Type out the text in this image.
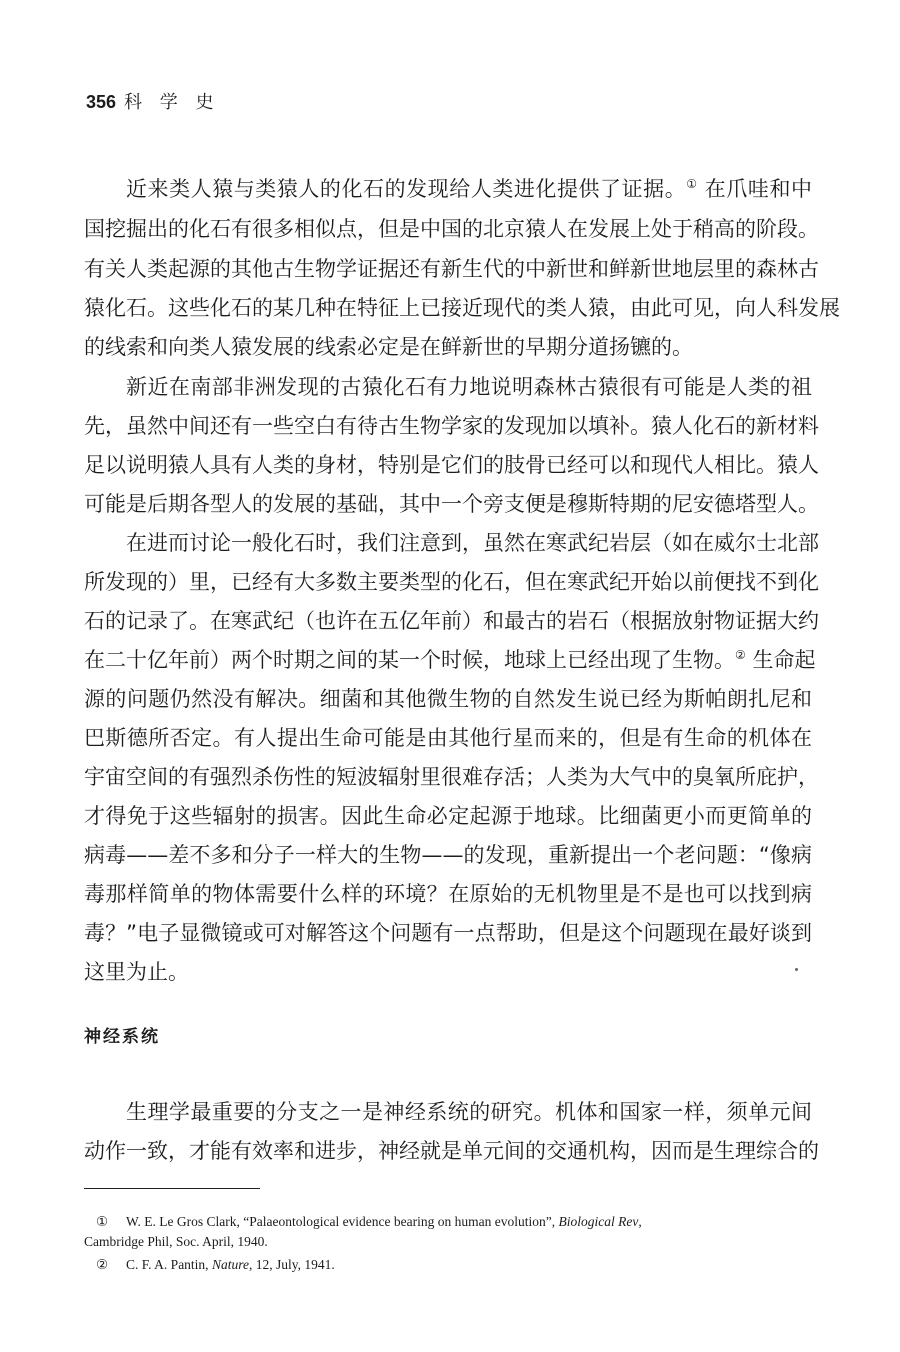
356 科 学 史
近来类人猿与类猿人的化石的发现给人类进化提供了证据。① 在爪哇和中
国挖掘出的化石有很多相似点，但是中国的北京猿人在发展上处于稍高的阶段。
有关人类起源的其他古生物学证据还有新生代的中新世和鲜新世地层里的森林古
猿化石。这些化石的某几种在特征上已接近现代的类人猿，由此可见，向人科发展
的线索和向类人猿发展的线索必定是在鲜新世的早期分道扬镳的。
新近在南部非洲发现的古猿化石有力地说明森林古猿很有可能是人类的祖
先，虽然中间还有一些空白有待古生物学家的发现加以填补。猿人化石的新材料
足以说明猿人具有人类的身材，特别是它们的肢骨已经可以和现代人相比。猿人
可能是后期各型人的发展的基础，其中一个旁支便是穆斯特期的尼安德塔型人。
在进而讨论一般化石时，我们注意到，虽然在寒武纪岩层（如在威尔士北部
所发现的）里，已经有大多数主要类型的化石，但在寒武纪开始以前便找不到化
石的记录了。在寒武纪（也许在五亿年前）和最古的岩石（根据放射物证据大约
在二十亿年前）两个时期之间的某一个时候，地球上已经出现了生物。② 生命起
源的问题仍然没有解决。细菌和其他微生物的自然发生说已经为斯帕朗扎尼和
巴斯德所否定。有人提出生命可能是由其他行星而来的，但是有生命的机体在
宇宙空间的有强烈杀伤性的短波辐射里很难存活；人类为大气中的臭氧所庇护，
才得免于这些辐射的损害。因此生命必定起源于地球。比细菌更小而更简单的
病毒——差不多和分子一样大的生物——的发现，重新提出一个老问题：“像病
毒那样简单的物体需要什么样的环境？在原始的无机物里是不是也可以找到病
毒？”电子显微镜或可对解答这个问题有一点帮助，但是这个问题现在最好谈到
这里为止。
神经系统
生理学最重要的分支之一是神经系统的研究。机体和国家一样，须单元间
动作一致，才能有效率和进步，神经就是单元间的交通机构，因而是生理综合的
① W. E. Le Gros Clark, “Palaeontological evidence bearing on human evolution”, Biological Rev,
Cambridge Phil, Soc. April, 1940.
② C. F. A. Pantin, Nature, 12, July, 1941.
